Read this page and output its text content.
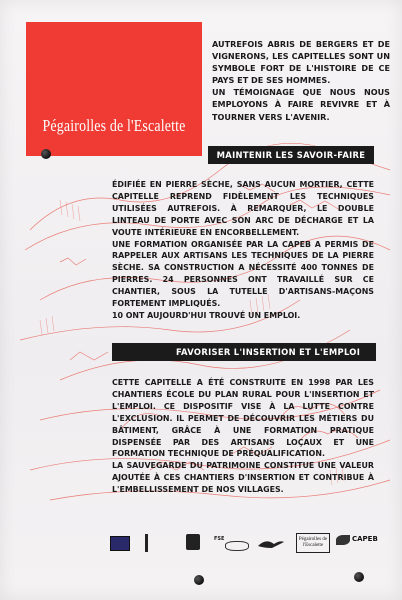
Pégairolles de l'Escalette
AUTREFOIS ABRIS DE BERGERS ET DE VIGNERONS, LES CAPITELLES SONT UN SYMBOLE FORT DE L'HISTOIRE DE CE PAYS ET DE SES HOMMES.
UN TÉMOIGNAGE QUE NOUS NOUS EMPLOYONS À FAIRE REVIVRE ET À TOURNER VERS L'AVENIR.
MAINTENIR LES SAVOIR-FAIRE

ÉDIFIÉE EN PIERRE SÈCHE, SANS AUCUN MORTIER, CETTE CAPITELLE REPREND FIDÈLEMENT LES TECHNIQUES UTILISÉES AUTREFOIS. À REMARQUER, LE DOUBLE LINTEAU DE PORTE AVEC SON ARC DE DÉCHARGE ET LA VOUTE INTÉRIEURE EN ENCORBELLEMENT.

UNE FORMATION ORGANISÉE PAR LA CAPEB A PERMIS DE RAPPELER AUX ARTISANS LES TECHNIQUES DE LA PIERRE SÈCHE. SA CONSTRUCTION A NÉCESSITÉ 400 TONNES DE PIERRES. 24 PERSONNES ONT TRAVAILLÉ SUR CE CHANTIER, SOUS LA TUTELLE D'ARTISANS-MAÇONS FORTEMENT IMPLIQUÉS.

10 ONT AUJOURD'HUI TROUVÉ UN EMPLOI.

FAVORISER L'INSERTION ET L'EMPLOI

CETTE CAPITELLE A ÉTÉ CONSTRUITE EN 1998 PAR LES CHANTIERS ÉCOLE DU PLAN RURAL POUR L'INSERTION ET L'EMPLOI. CE DISPOSITIF VISE À LA LUTTE CONTRE L'EXCLUSION. IL PERMET DE DÉCOUVRIR LES MÉTIERS DU BÂTIMENT, GRÂCE À UNE FORMATION PRATIQUE DISPENSÉE PAR DES ARTISANS LOÇAUX ET UNE FORMATION TECHNIQUE DE PRÉQUALIFICATION.

LA SAUVEGARDE DU PATRIMOINE CONSTITUE UNE VALEUR AJOUTÉE À CES CHANTIERS D'INSERTION ET CONTRIBUE À L'EMBELLISSEMENT DE NOS VILLAGES.

FSE	Pégairolles de l'Escalette
CAPEB
